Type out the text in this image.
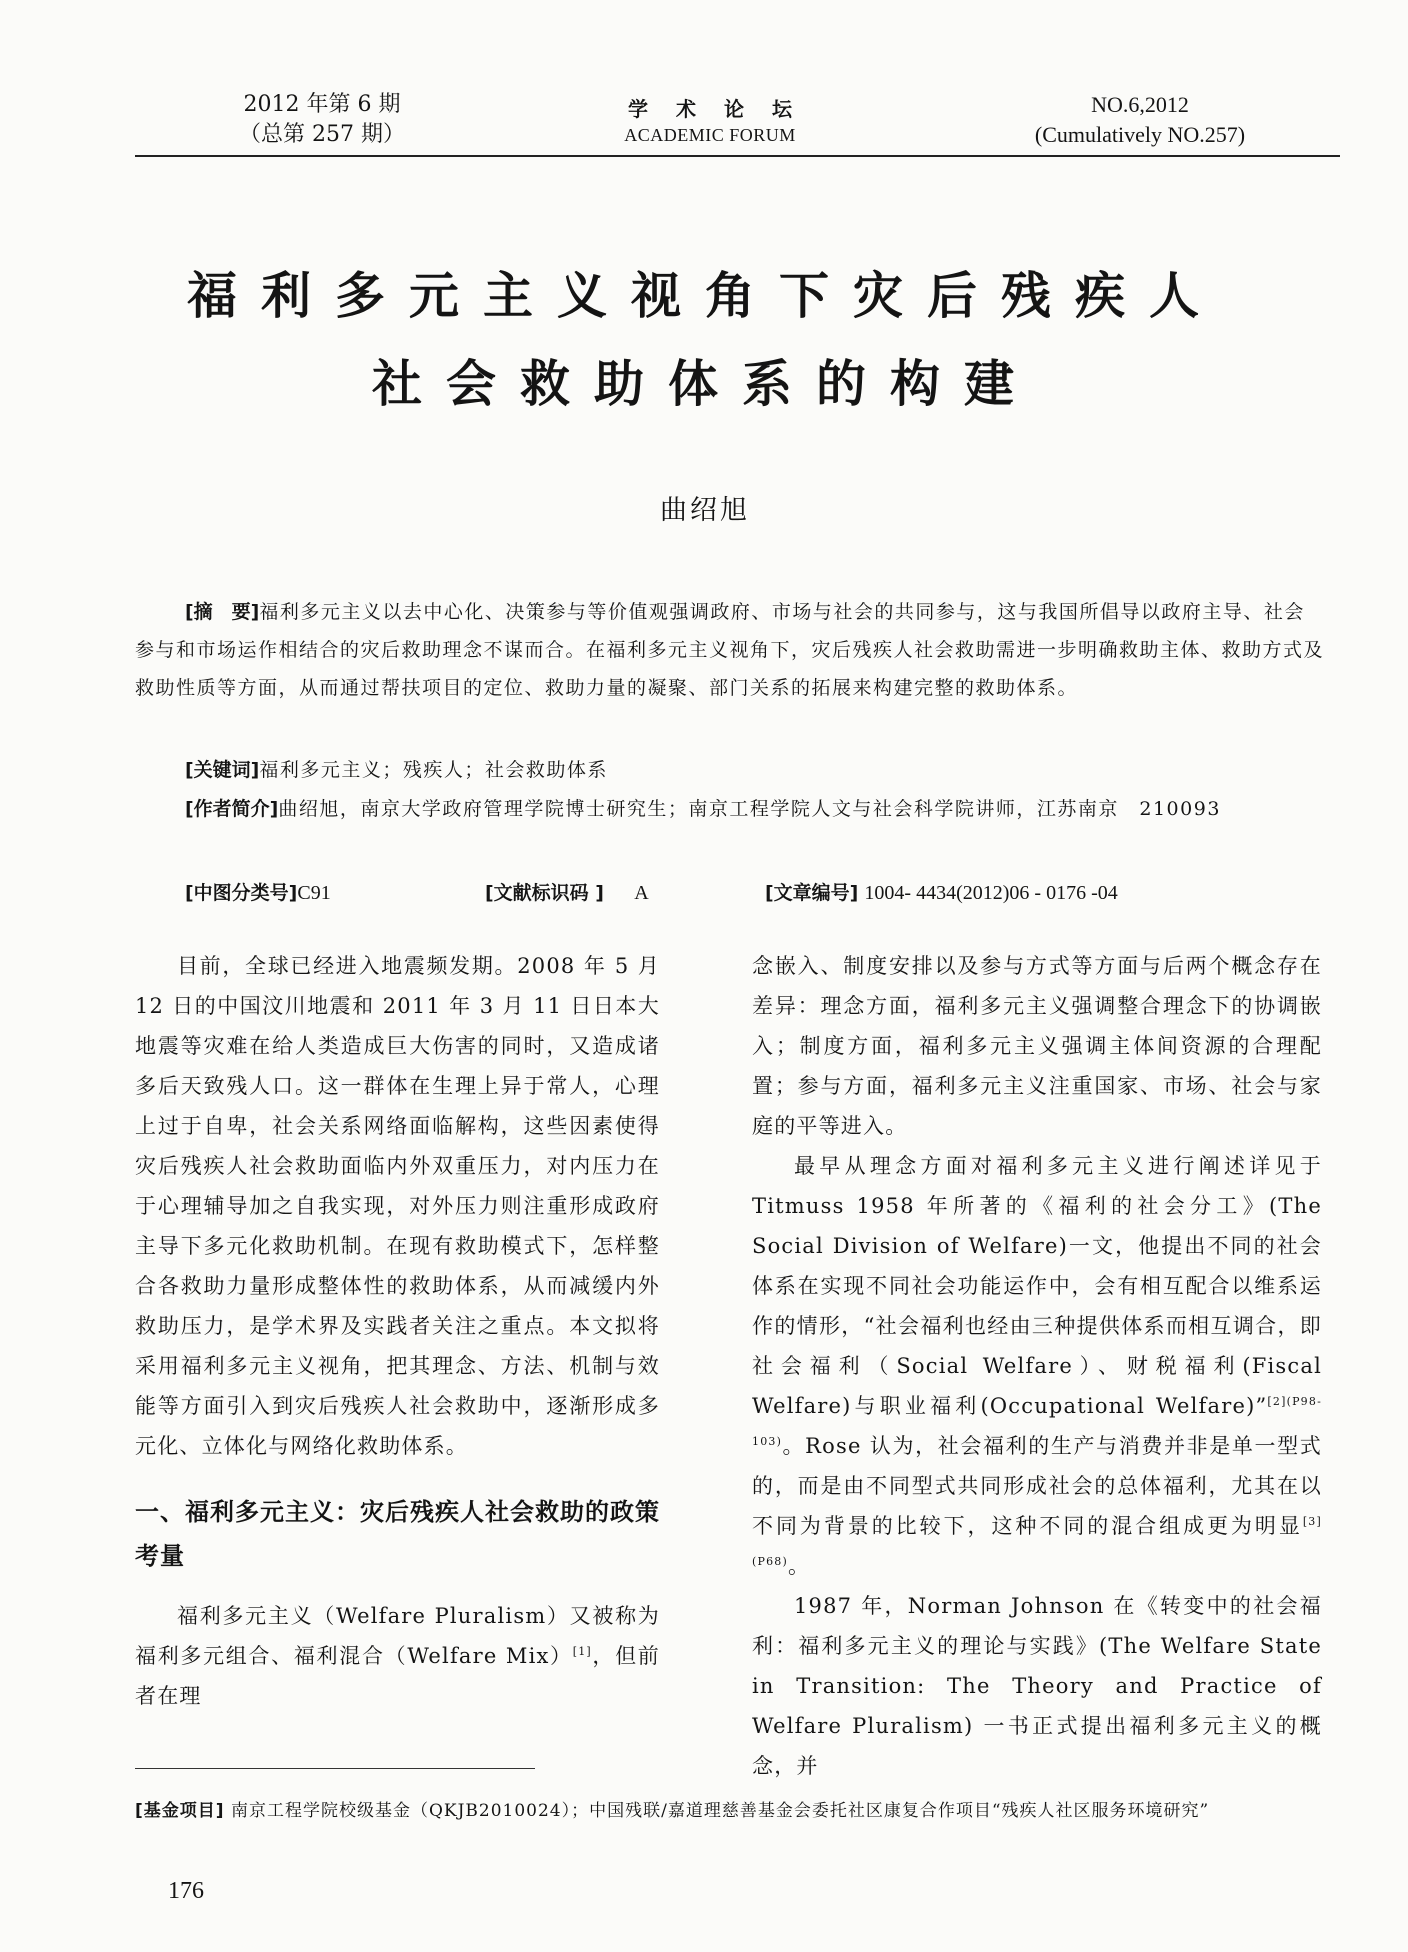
2012 年第 6 期
（总第 257 期）
学术论坛
ACADEMIC FORUM
NO.6,2012
(Cumulatively NO.257)
福利多元主义视角下灾后残疾人
社会救助体系的构建
曲绍旭
[摘　要]福利多元主义以去中心化、决策参与等价值观强调政府、市场与社会的共同参与，这与我国所倡导以政府主导、社会参与和市场运作相结合的灾后救助理念不谋而合。在福利多元主义视角下，灾后残疾人社会救助需进一步明确救助主体、救助方式及救助性质等方面，从而通过帮扶项目的定位、救助力量的凝聚、部门关系的拓展来构建完整的救助体系。
[关键词]福利多元主义；残疾人；社会救助体系
[作者简介]曲绍旭，南京大学政府管理学院博士研究生；南京工程学院人文与社会科学院讲师，江苏南京　210093
[中图分类号]C91	[文献标识码 ] A	[文章编号] 1004- 4434(2012)06 - 0176 -04

目前，全球已经进入地震频发期。2008 年 5 月 12 日的中国汶川地震和 2011 年 3 月 11 日日本大地震等灾难在给人类造成巨大伤害的同时，又造成诸多后天致残人口。这一群体在生理上异于常人，心理上过于自卑，社会关系网络面临解构，这些因素使得灾后残疾人社会救助面临内外双重压力，对内压力在于心理辅导加之自我实现，对外压力则注重形成政府主导下多元化救助机制。在现有救助模式下，怎样整合各救助力量形成整体性的救助体系，从而减缓内外救助压力，是学术界及实践者关注之重点。本文拟将采用福利多元主义视角，把其理念、方法、机制与效能等方面引入到灾后残疾人社会救助中，逐渐形成多元化、立体化与网络化救助体系。

一、福利多元主义：灾后残疾人社会救助的政策考量

福利多元主义（Welfare Pluralism）又被称为福利多元组合、福利混合（Welfare Mix）[1]，但前者在理

念嵌入、制度安排以及参与方式等方面与后两个概念存在差异：理念方面，福利多元主义强调整合理念下的协调嵌入；制度方面，福利多元主义强调主体间资源的合理配置；参与方面，福利多元主义注重国家、市场、社会与家庭的平等进入。

最早从理念方面对福利多元主义进行阐述详见于 Titmuss 1958 年所著的《福利的社会分工》(The Social Division of Welfare)一文，他提出不同的社会体系在实现不同社会功能运作中，会有相互配合以维系运作的情形，“社会福利也经由三种提供体系而相互调合，即社会福利（Social Welfare）、财税福利(Fiscal Welfare)与职业福利(Occupational Welfare)”$^{[2](P98-103)}$。Rose 认为，社会福利的生产与消费并非是单一型式的，而是由不同型式共同形成社会的总体福利，尤其在以不同为背景的比较下，这种不同的混合组成更为明显$^{[3](P68)}$。

1987 年，Norman Johnson 在《转变中的社会福利：福利多元主义的理论与实践》(The Welfare State in Transition: The Theory and Practice of Welfare Pluralism) 一书正式提出福利多元主义的概念，并

[基金项目] 南京工程学院校级基金（QKJB2010024）；中国残联/嘉道理慈善基金会委托社区康复合作项目“残疾人社区服务环境研究”
176
